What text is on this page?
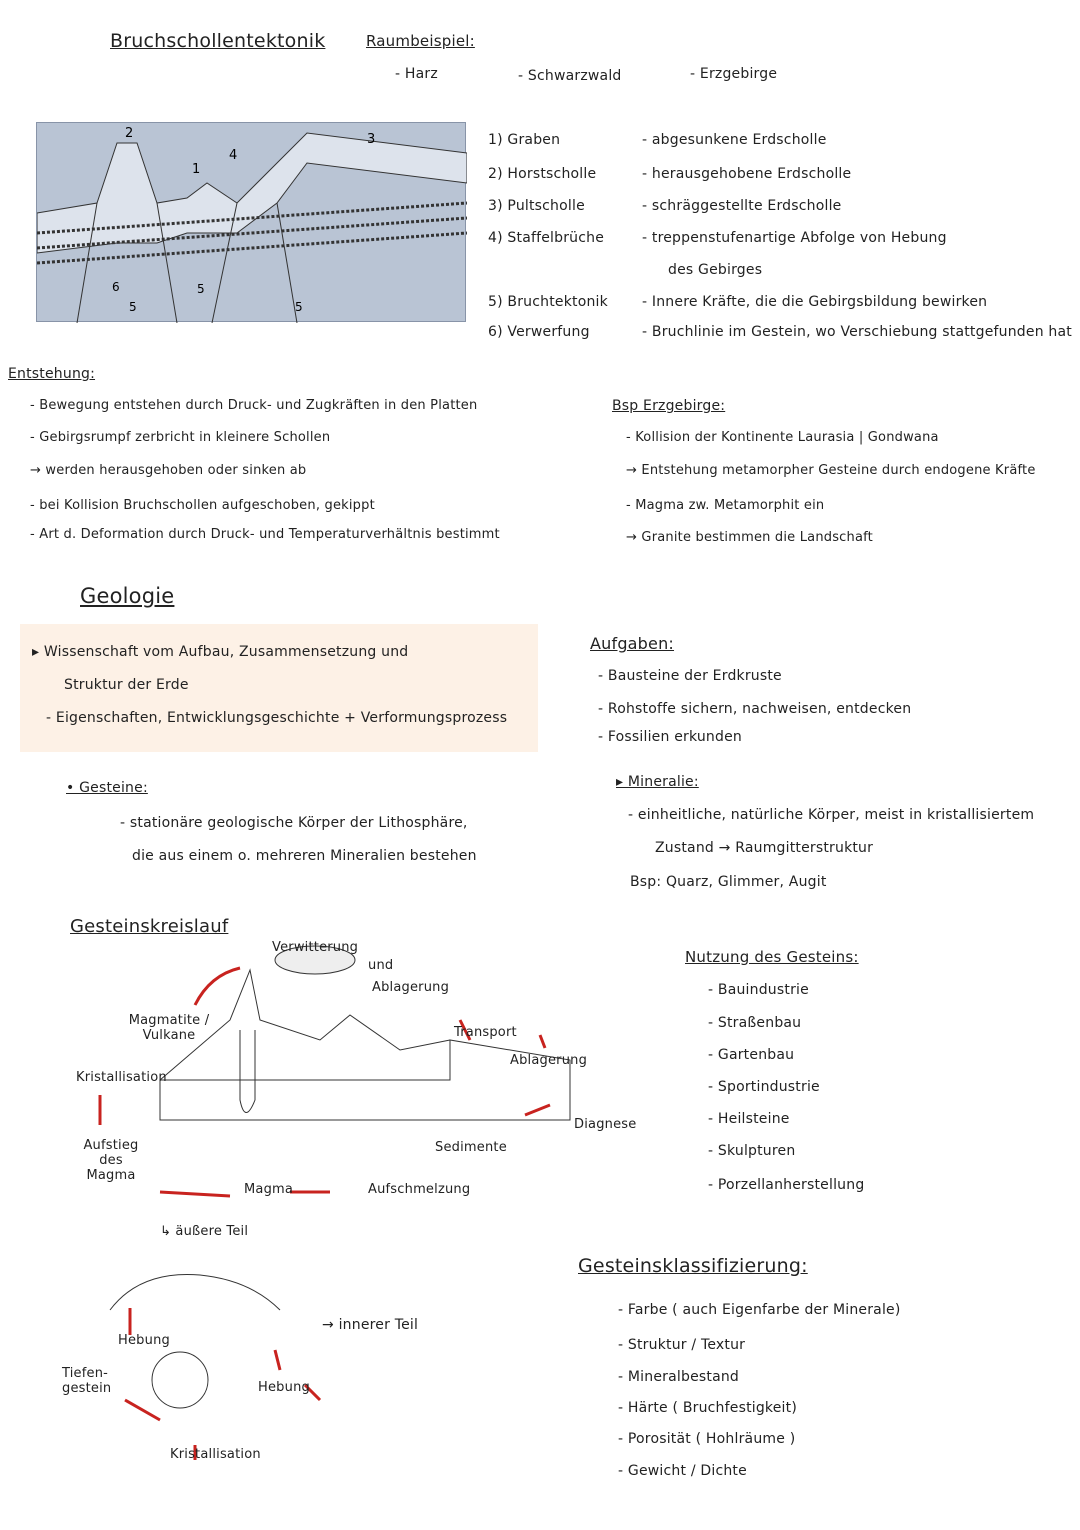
Bruchschollentektonik	Raumbeispiel:
- Harz	- Schwarzwald	- Erzgebirge
2
1
3
4
5
5
5
6
1) Graben	- abgesunkene Erdscholle
2) Horstscholle	- herausgehobene Erdscholle
3) Pultscholle	- schräggestellte Erdscholle
4) Staffelbrüche	- treppenstufenartige Abfolge von Hebung
des Gebirges
5) Bruchtektonik - Innere Kräfte, die die Gebirgsbildung bewirken
6) Verwerfung	- Bruchlinie im Gestein, wo Verschiebung stattgefunden hat
Entstehung:
- Bewegung entstehen durch Druck- und Zugkräften in den Platten
- Gebirgsrumpf zerbricht in kleinere Schollen
→ werden herausgehoben oder sinken ab
- bei Kollision Bruchschollen aufgeschoben, gekippt
- Art d. Deformation durch Druck- und Temperaturverhältnis bestimmt
Bsp Erzgebirge:
- Kollision der Kontinente Laurasia | Gondwana
→ Entstehung metamorpher Gesteine durch endogene Kräfte
- Magma zw. Metamorphit ein
→ Granite bestimmen die Landschaft
Geologie
▸ Wissenschaft vom Aufbau, Zusammensetzung und
Struktur der Erde
- Eigenschaften, Entwicklungsgeschichte + Verformungsprozess
Aufgaben:
- Bausteine der Erdkruste
- Rohstoffe sichern, nachweisen, entdecken
- Fossilien erkunden
• Gesteine:
- stationäre geologische Körper der Lithosphäre,
die aus einem o. mehreren Mineralien bestehen
▸ Mineralie:
- einheitliche, natürliche Körper, meist in kristallisiertem
Zustand → Raumgitterstruktur
Bsp: Quarz, Glimmer, Augit
Gesteinskreislauf
Verwitterung
und
Ablagerung
Transport
Ablagerung
Diagnese
Sedimente
Aufschmelzung
Magma
Aufstieg des Magma
Kristallisation
Magmatite / Vulkane
↳ äußere Teil
→ innerer Teil
Hebung
Hebung
Tiefen-gestein
Kristallisation
Nutzung des Gesteins:
- Bauindustrie
- Straßenbau
- Gartenbau
- Sportindustrie
- Heilsteine
- Skulpturen
- Porzellanherstellung
Gesteinsklassifizierung:
- Farbe ( auch Eigenfarbe der Minerale)
- Struktur / Textur
- Mineralbestand
- Härte ( Bruchfestigkeit)
- Porosität ( Hohlräume )
- Gewicht / Dichte
